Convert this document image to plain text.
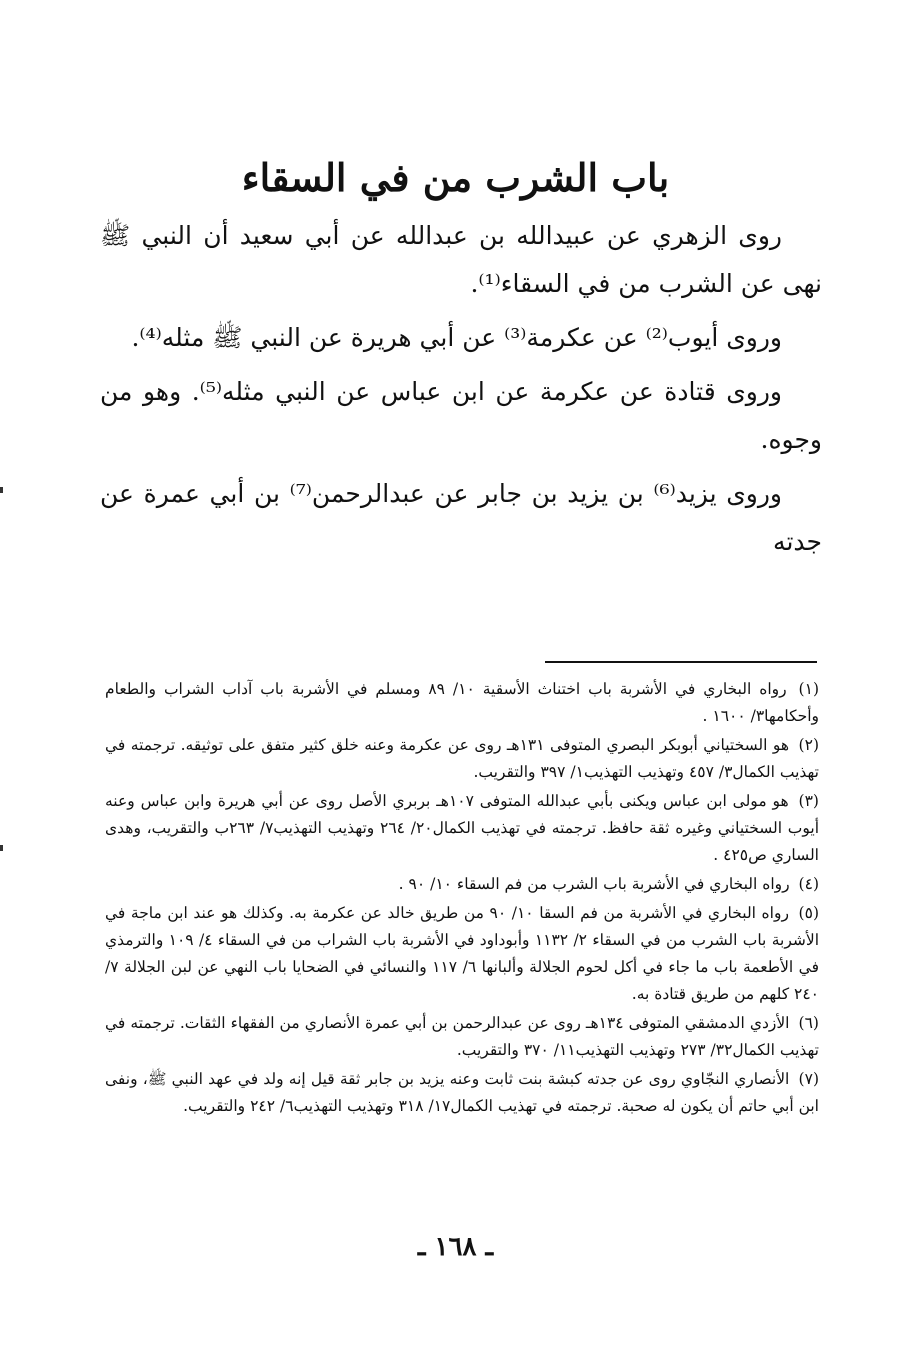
باب الشرب من في السقاء

روى الزهري عن عبيدالله بن عبدالله عن أبي سعيد أن النبي ﷺ نهى عن الشرب من في السقاء⁽¹⁾.

وروى أيوب⁽²⁾ عن عكرمة⁽³⁾ عن أبي هريرة عن النبي ﷺ مثله⁽⁴⁾.

وروى قتادة عن عكرمة عن ابن عباس عن النبي مثله⁽⁵⁾. وهو من وجوه.

وروى يزيد⁽⁶⁾ بن يزيد بن جابر عن عبدالرحمن⁽⁷⁾ بن أبي عمرة عن جدته

(١) رواه البخاري في الأشربة باب اختناث الأسقية ١٠/ ٨٩ ومسلم في الأشربة باب آداب الشراب والطعام وأحكامها٣/ ١٦٠٠ .
(٢) هو السختياني أبوبكر البصري المتوفى ١٣١هـ روى عن عكرمة وعنه خلق كثير متفق على توثيقه. ترجمته في تهذيب الكمال٣/ ٤٥٧ وتهذيب التهذيب١/ ٣٩٧ والتقريب.
(٣) هو مولى ابن عباس ويكنى بأبي عبدالله المتوفى ١٠٧هـ بربري الأصل روى عن أبي هريرة وابن عباس وعنه أيوب السختياني وغيره ثقة حافظ. ترجمته في تهذيب الكمال٢٠/ ٢٦٤ وتهذيب التهذيب٧/ ٢٦٣ب والتقريب، وهدى الساري ص٤٢٥ .
(٤) رواه البخاري في الأشربة باب الشرب من فم السقاء ١٠/ ٩٠ .
(٥) رواه البخاري في الأشربة من فم السقا ١٠/ ٩٠ من طريق خالد عن عكرمة به. وكذلك هو عند ابن ماجة في الأشربة باب الشرب من في السقاء ٢/ ١١٣٢ وأبوداود في الأشربة باب الشراب من في السقاء ٤/ ١٠٩ والترمذي في الأطعمة باب ما جاء في أكل لحوم الجلالة وألبانها ٦/ ١١٧ والنسائي في الضحايا باب النهي عن لبن الجلالة ٧/ ٢٤٠ كلهم من طريق قتادة به.
(٦) الأزدي الدمشقي المتوفى ١٣٤هـ روى عن عبدالرحمن بن أبي عمرة الأنصاري من الفقهاء الثقات. ترجمته في تهذيب الكمال٣٢/ ٢٧٣ وتهذيب التهذيب١١/ ٣٧٠ والتقريب.
(٧) الأنصاري النجّاوي روى عن جدته كبشة بنت ثابت وعنه يزيد بن جابر ثقة قيل إنه ولد في عهد النبي ﷺ، ونفى ابن أبي حاتم أن يكون له صحبة. ترجمته في تهذيب الكمال١٧/ ٣١٨ وتهذيب التهذيب٦/ ٢٤٢ والتقريب.
ـ ١٦٨ ـ
